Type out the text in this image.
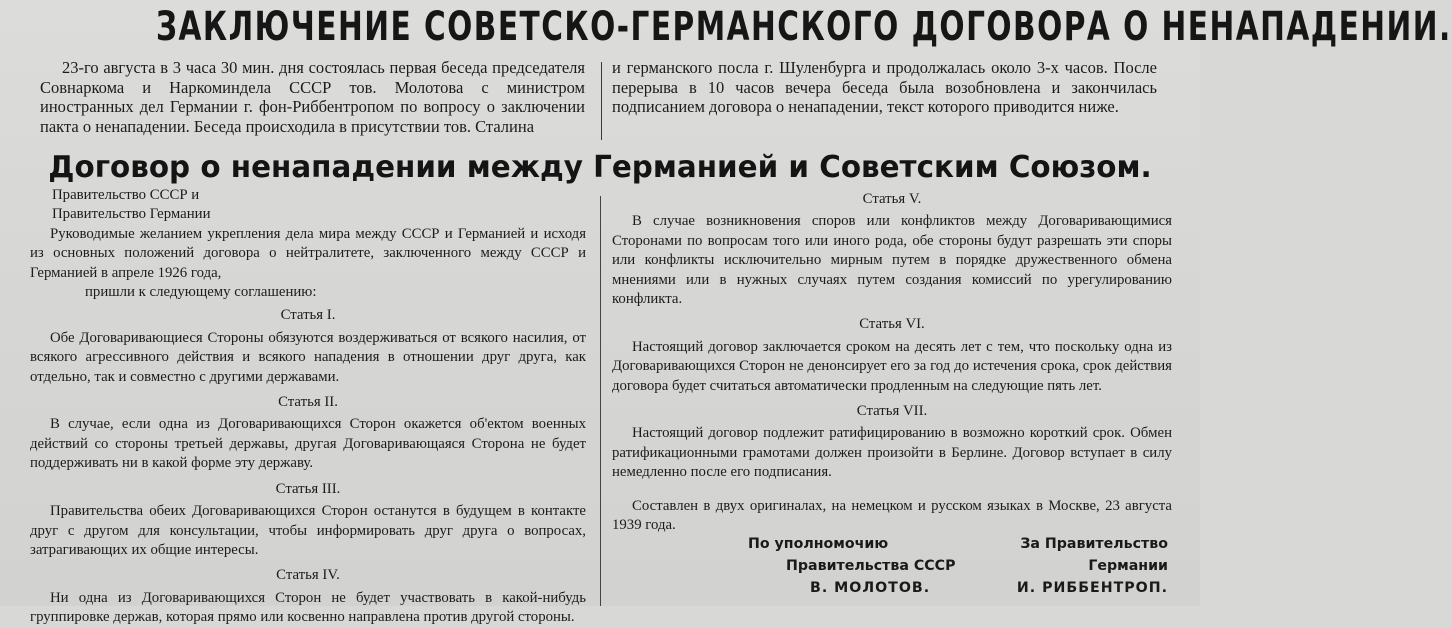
ЗАКЛЮЧЕНИЕ СОВЕТСКО-ГЕРМАНСКОГО ДОГОВОРА О НЕНАПАДЕНИИ.

23-го августа в 3 часа 30 мин. дня состоялась первая беседа председателя Совнаркома и Наркоминдела СССР тов. Молотова с министром иностранных дел Германии г. фон-Риббентропом по вопросу о заключении пакта о ненападении. Беседа происходила в присутствии тов. Сталина

и германского посла г. Шуленбурга и продолжалась около 3-х часов. После перерыва в 10 часов вечера беседа была возобновлена и закончилась подписанием договора о ненападении, текст которого приводится ниже.

Договор о ненападении между Германией и Советским Союзом.

Правительство СССР и

Правительство Германии

Руководимые желанием укрепления дела мира между СССР и Германией и исходя из основных положений договора о нейтралитете, заключенного между СССР и Германией в апреле 1926 года,

пришли к следующему соглашению:

Статья I.

Обе Договаривающиеся Стороны обязуются воздерживаться от всякого насилия, от всякого агрессивного действия и всякого нападения в отношении друг друга, как отдельно, так и совместно с другими державами.

Статья II.

В случае, если одна из Договаривающихся Сторон окажется об'ектом военных действий со стороны третьей державы, другая Договаривающаяся Сторона не будет поддерживать ни в какой форме эту державу.

Статья III.

Правительства обеих Договаривающихся Сторон останутся в будущем в контакте друг с другом для консультации, чтобы информировать друг друга о вопросах, затрагивающих их общие интересы.

Статья IV.

Ни одна из Договаривающихся Сторон не будет участвовать в какой-нибудь группировке держав, которая прямо или косвенно направлена против другой стороны.

Статья V.

В случае возникновения споров или конфликтов между Договаривающимися Сторонами по вопросам того или иного рода, обе стороны будут разрешать эти споры или конфликты исключительно мирным путем в порядке дружественного обмена мнениями или в нужных случаях путем создания комиссий по урегулированию конфликта.

Статья VI.

Настоящий договор заключается сроком на десять лет с тем, что поскольку одна из Договаривающихся Сторон не денонсирует его за год до истечения срока, срок действия договора будет считаться автоматически продленным на следующие пять лет.

Статья VII.

Настоящий договор подлежит ратифицированию в возможно короткий срок. Обмен ратификационными грамотами должен произойти в Берлине. Договор вступает в силу немедленно после его подписания.

Составлен в двух оригиналах, на немецком и русском языках в Москве, 23 августа 1939 года.

По уполномочию
Правительства СССР
В. МОЛОТОВ.
За Правительство
Германии
И. РИББЕНТРОП.
